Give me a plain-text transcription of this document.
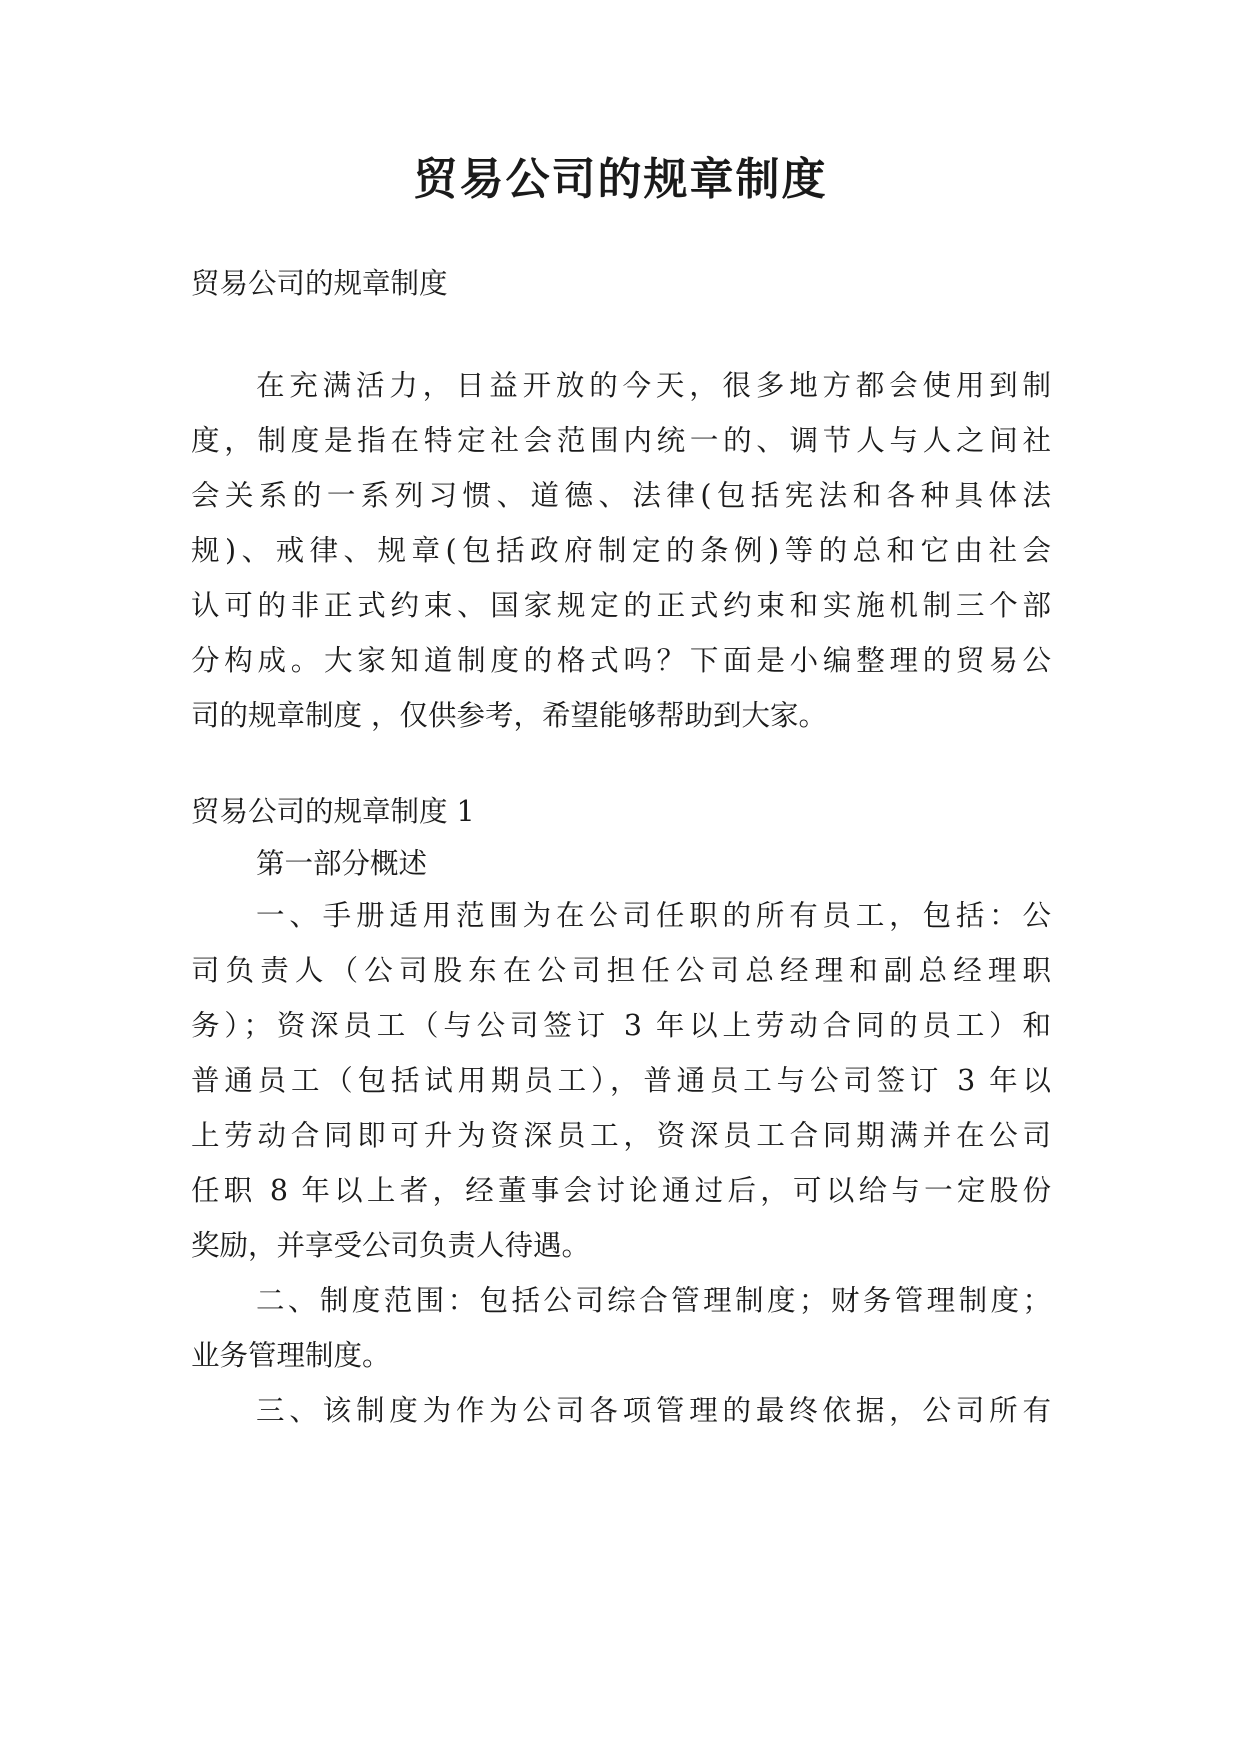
贸易公司的规章制度

贸易公司的规章制度

在充满活力，日益开放的今天，很多地方都会使用到制

度，制度是指在特定社会范围内统一的、调节人与人之间社

会关系的一系列习惯、道德、法律(包括宪法和各种具体法

规)、戒律、规章(包括政府制定的条例)等的总和它由社会

认可的非正式约束、国家规定的正式约束和实施机制三个部

分构成。大家知道制度的格式吗？下面是小编整理的贸易公

司的规章制度 ，仅供参考，希望能够帮助到大家。

贸易公司的规章制度 1

第一部分概述

一、手册适用范围为在公司任职的所有员工，包括：公

司负责人（公司股东在公司担任公司总经理和副总经理职

务）；资深员工（与公司签订 3 年以上劳动合同的员工）和

普通员工（包括试用期员工），普通员工与公司签订 3 年以

上劳动合同即可升为资深员工，资深员工合同期满并在公司

任职 8 年以上者，经董事会讨论通过后，可以给与一定股份

奖励，并享受公司负责人待遇。

二、制度范围：包括公司综合管理制度；财务管理制度；

业务管理制度。

三、该制度为作为公司各项管理的最终依据，公司所有
